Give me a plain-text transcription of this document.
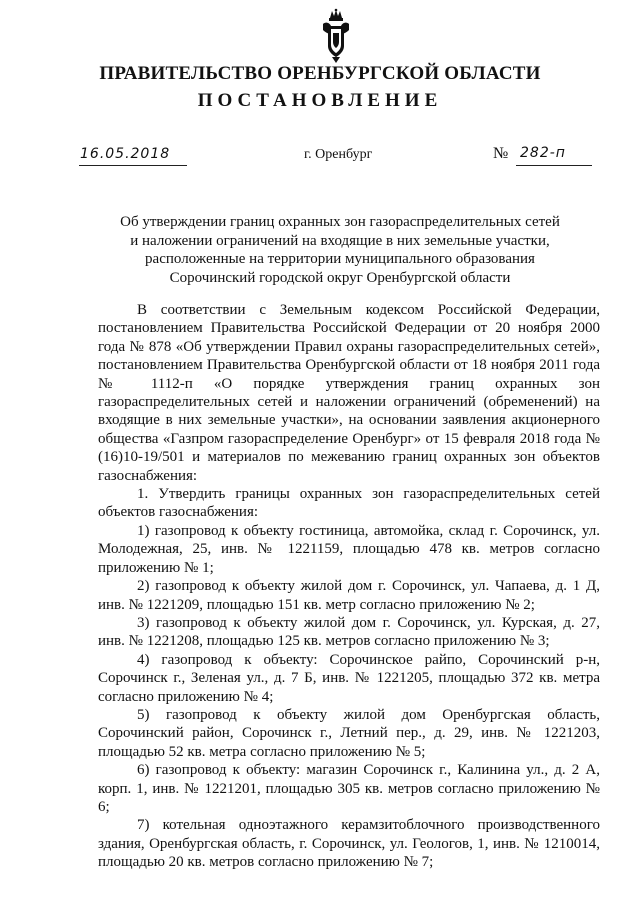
ПРАВИТЕЛЬСТВО ОРЕНБУРГСКОЙ ОБЛАСТИ
ПОСТАНОВЛЕНИЕ
16.05.2018	г. Оренбург	№ 282-п
Об утверждении границ охранных зон газораспределительных сетей
и наложении ограничений на входящие в них земельные участки,
расположенные на территории муниципального образования
Сорочинский городской округ Оренбургской области

В соответствии с Земельным кодексом Российской Федерации, постановлением Правительства Российской Федерации от 20 ноября 2000 года № 878 «Об утверждении Правил охраны газораспределительных сетей», постановлением Правительства Оренбургской области от 18 ноября 2011 года № 1112-п «О порядке утверждения границ охранных зон газораспределительных сетей и наложении ограничений (обременений) на входящие в них земельные участки», на основании заявления акционерного общества «Газпром газораспределение Оренбург» от 15 февраля 2018 года № (16)10-19/501 и материалов по межеванию границ охранных зон объектов газоснабжения:

1. Утвердить границы охранных зон газораспределительных сетей объектов газоснабжения:

1) газопровод к объекту гостиница, автомойка, склад г. Сорочинск, ул. Молодежная, 25, инв. № 1221159, площадью 478 кв. метров согласно приложению № 1;

2) газопровод к объекту жилой дом г. Сорочинск, ул. Чапаева, д. 1 Д, инв. № 1221209, площадью 151 кв. метр согласно приложению № 2;

3) газопровод к объекту жилой дом г. Сорочинск, ул. Курская, д. 27, инв. № 1221208, площадью 125 кв. метров согласно приложению № 3;

4) газопровод к объекту: Сорочинское райпо, Сорочинский р-н, Сорочинск г., Зеленая ул., д. 7 Б, инв. № 1221205, площадью 372 кв. метра согласно приложению № 4;

5) газопровод к объекту жилой дом Оренбургская область, Сорочинский район, Сорочинск г., Летний пер., д. 29, инв. № 1221203, площадью 52 кв. метра согласно приложению № 5;

6) газопровод к объекту: магазин Сорочинск г., Калинина ул., д. 2 А, корп. 1, инв. № 1221201, площадью 305 кв. метров согласно приложению № 6;

7) котельная одноэтажного керамзитоблочного производственного здания, Оренбургская область, г. Сорочинск, ул. Геологов, 1, инв. № 1210014, площадью 20 кв. метров согласно приложению № 7;
